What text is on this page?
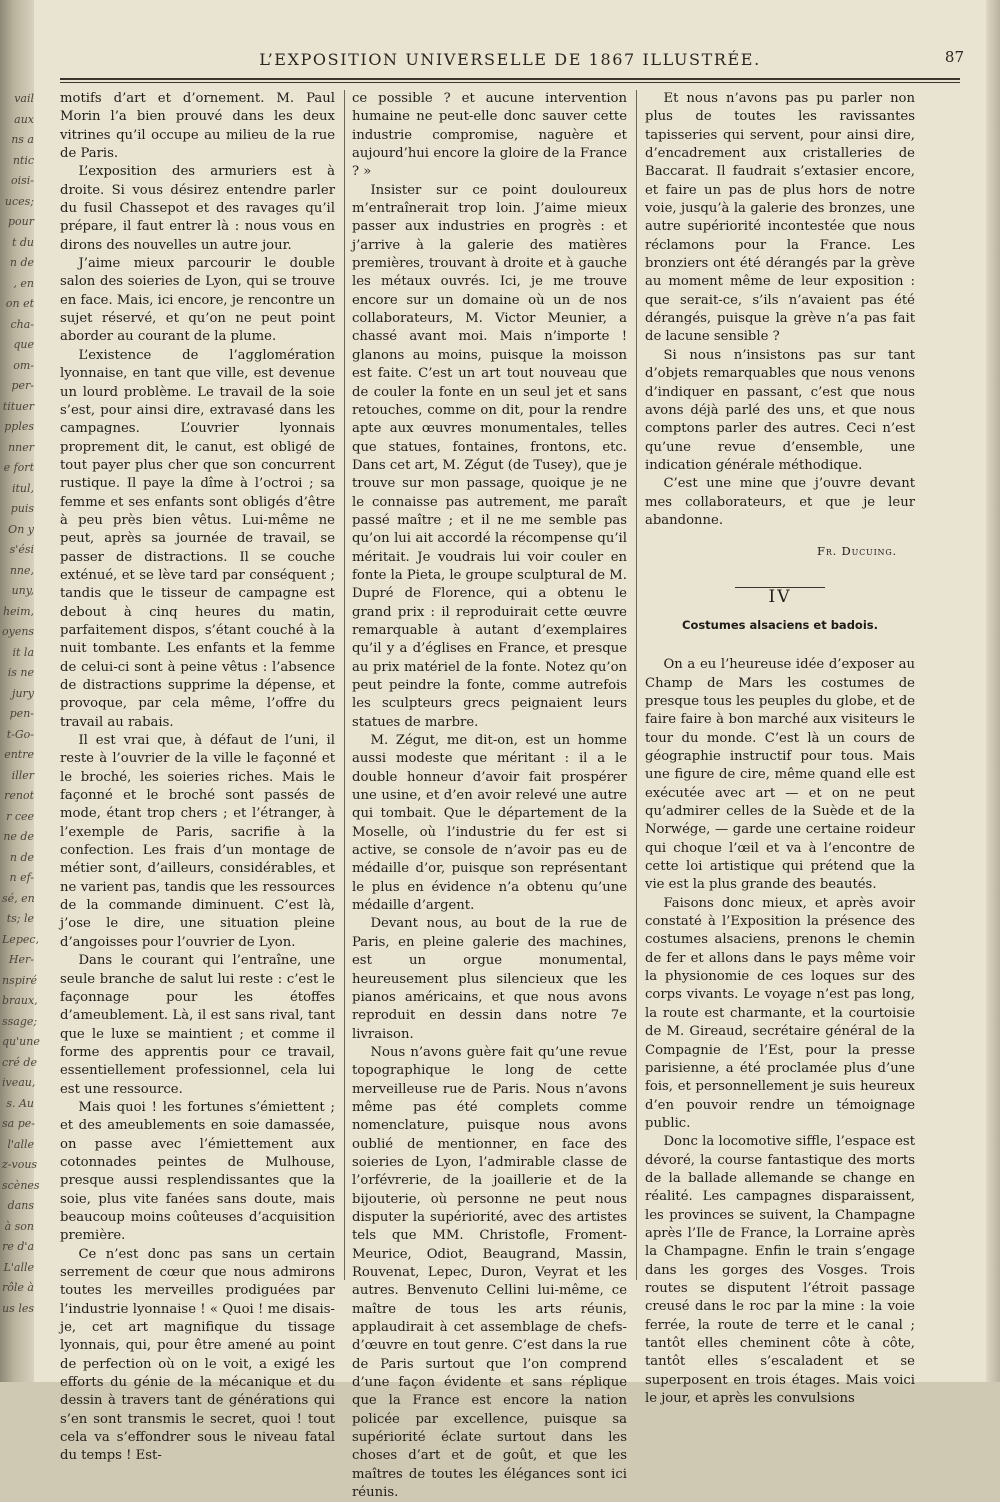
vail
aux
ns a
ntic
oisi-
uces;
pour
t du
n de
, en
on et
cha-
que
om-
per-
tituer
pples
nner
e fort
itul,
puis
On y
s'ési
nne,
uny,
heim,
oyens
it la
is ne
jury
pen-
t-Go-
entre
iller
renot
r cee
ne de
n de
n ef-
sé, en
ts; le
Lepec,
Her-
nspiré
braux,
ssage;
qu'une
cré de
iveau,
s. Au
sa pe-
l'alle
z-vous
scènes
dans
à son
re d'a
L'alle
rôle à
us les
L’EXPOSITION UNIVERSELLE DE 1867 ILLUSTRÉE.	87

motifs d’art et d’ornement. M. Paul Morin l’a bien prouvé dans les deux vitrines qu’il occupe au milieu de la rue de Paris.

L’exposition des armuriers est à droite. Si vous désirez entendre parler du fusil Chassepot et des ravages qu’il prépare, il faut entrer là : nous vous en dirons des nouvelles un autre jour.

J’aime mieux parcourir le double salon des soieries de Lyon, qui se trouve en face. Mais, ici encore, je rencontre un sujet réservé, et qu’on ne peut point aborder au courant de la plume.

L’existence de l’agglomération lyonnaise, en tant que ville, est devenue un lourd problème. Le travail de la soie s’est, pour ainsi dire, extravasé dans les campagnes. L’ouvrier lyonnais proprement dit, le canut, est obligé de tout payer plus cher que son concurrent rustique. Il paye la dîme à l’octroi ; sa femme et ses enfants sont obligés d’être à peu près bien vêtus. Lui-même ne peut, après sa journée de travail, se passer de distractions. Il se couche exténué, et se lève tard par conséquent ; tandis que le tisseur de campagne est debout à cinq heures du matin, parfaitement dispos, s’étant couché à la nuit tombante. Les enfants et la femme de celui-ci sont à peine vêtus : l’absence de distractions supprime la dépense, et provoque, par cela même, l’offre du travail au rabais.

Il est vrai que, à défaut de l’uni, il reste à l’ouvrier de la ville le façonné et le broché, les soieries riches. Mais le façonné et le broché sont passés de mode, étant trop chers ; et l’étranger, à l’exemple de Paris, sacrifie à la confection. Les frais d’un montage de métier sont, d’ailleurs, considérables, et ne varient pas, tandis que les ressources de la commande diminuent. C’est là, j’ose le dire, une situation pleine d’angoisses pour l’ouvrier de Lyon.

Dans le courant qui l’entraîne, une seule branche de salut lui reste : c’est le façonnage pour les étoffes d’ameublement. Là, il est sans rival, tant que le luxe se maintient ; et comme il forme des apprentis pour ce travail, essentiellement professionnel, cela lui est une ressource.

Mais quoi ! les fortunes s’émiettent ; et des ameublements en soie damassée, on passe avec l’émiettement aux cotonnades peintes de Mulhouse, presque aussi resplendissantes que la soie, plus vite fanées sans doute, mais beaucoup moins coûteuses d’acquisition première.

Ce n’est donc pas sans un certain serrement de cœur que nous admirons toutes les merveilles prodiguées par l’industrie lyonnaise ! « Quoi ! me disais-je, cet art magnifique du tissage lyonnais, qui, pour être amené au point de perfection où on le voit, a exigé les efforts du génie de la mécanique et du dessin à travers tant de générations qui s’en sont transmis le secret, quoi ! tout cela va s’effondrer sous le niveau fatal du temps ! Est-

ce possible ? et aucune intervention humaine ne peut-elle donc sauver cette industrie compromise, naguère et aujourd’hui encore la gloire de la France ? »

Insister sur ce point douloureux m’entraînerait trop loin. J’aime mieux passer aux industries en progrès : et j’arrive à la galerie des matières premières, trouvant à droite et à gauche les métaux ouvrés. Ici, je me trouve encore sur un domaine où un de nos collaborateurs, M. Victor Meunier, a chassé avant moi. Mais n’importe ! glanons au moins, puisque la moisson est faite. C’est un art tout nouveau que de couler la fonte en un seul jet et sans retouches, comme on dit, pour la rendre apte aux œuvres monumentales, telles que statues, fontaines, frontons, etc. Dans cet art, M. Zégut (de Tusey), que je trouve sur mon passage, quoique je ne le connaisse pas autrement, me paraît passé maître ; et il ne me semble pas qu’on lui ait accordé la récompense qu’il méritait. Je voudrais lui voir couler en fonte la Pieta, le groupe sculptural de M. Dupré de Florence, qui a obtenu le grand prix : il reproduirait cette œuvre remarquable à autant d’exemplaires qu’il y a d’églises en France, et presque au prix matériel de la fonte. Notez qu’on peut peindre la fonte, comme autrefois les sculpteurs grecs peignaient leurs statues de marbre.

M. Zégut, me dit-on, est un homme aussi modeste que méritant : il a le double honneur d’avoir fait prospérer une usine, et d’en avoir relevé une autre qui tombait. Que le département de la Moselle, où l’industrie du fer est si active, se console de n’avoir pas eu de médaille d’or, puisque son représentant le plus en évidence n’a obtenu qu’une médaille d’argent.

Devant nous, au bout de la rue de Paris, en pleine galerie des machines, est un orgue monumental, heureusement plus silencieux que les pianos américains, et que nous avons reproduit en dessin dans notre 7e livraison.

Nous n’avons guère fait qu’une revue topographique le long de cette merveilleuse rue de Paris. Nous n’avons même pas été complets comme nomenclature, puisque nous avons oublié de mentionner, en face des soieries de Lyon, l’admirable classe de l’orfévrerie, de la joaillerie et de la bijouterie, où personne ne peut nous disputer la supériorité, avec des artistes tels que MM. Christofle, Froment-Meurice, Odiot, Beaugrand, Massin, Rouvenat, Lepec, Duron, Veyrat et les autres. Benvenuto Cellini lui-même, ce maître de tous les arts réunis, applaudirait à cet assemblage de chefs-d’œuvre en tout genre. C’est dans la rue de Paris surtout que l’on comprend d’une façon évidente et sans réplique que la France est encore la nation policée par excellence, puisque sa supériorité éclate surtout dans les choses d’art et de goût, et que les maîtres de toutes les élégances sont ici réunis.

Et nous n’avons pas pu parler non plus de toutes les ravissantes tapisseries qui servent, pour ainsi dire, d’encadrement aux cristalleries de Baccarat. Il faudrait s’extasier encore, et faire un pas de plus hors de notre voie, jusqu’à la galerie des bronzes, une autre supériorité incontestée que nous réclamons pour la France. Les bronziers ont été dérangés par la grève au moment même de leur exposition : que serait-ce, s’ils n’avaient pas été dérangés, puisque la grève n’a pas fait de lacune sensible ?

Si nous n’insistons pas sur tant d’objets remarquables que nous venons d’indiquer en passant, c’est que nous avons déjà parlé des uns, et que nous comptons parler des autres. Ceci n’est qu’une revue d’ensemble, une indication générale méthodique.

C’est une mine que j’ouvre devant mes collaborateurs, et que je leur abandonne.

Fr. Ducuing.

IV

Costumes alsaciens et badois.

On a eu l’heureuse idée d’exposer au Champ de Mars les costumes de presque tous les peuples du globe, et de faire faire à bon marché aux visiteurs le tour du monde. C’est là un cours de géographie instructif pour tous. Mais une figure de cire, même quand elle est exécutée avec art — et on ne peut qu’admirer celles de la Suède et de la Norwége, — garde une certaine roideur qui choque l’œil et va à l’encontre de cette loi artistique qui prétend que la vie est la plus grande des beautés.

Faisons donc mieux, et après avoir constaté à l’Exposition la présence des costumes alsaciens, prenons le chemin de fer et allons dans le pays même voir la physionomie de ces loques sur des corps vivants. Le voyage n’est pas long, la route est charmante, et la courtoisie de M. Gireaud, secrétaire général de la Compagnie de l’Est, pour la presse parisienne, a été proclamée plus d’une fois, et personnellement je suis heureux d’en pouvoir rendre un témoignage public.

Donc la locomotive siffle, l’espace est dévoré, la course fantastique des morts de la ballade allemande se change en réalité. Les campagnes disparaissent, les provinces se suivent, la Champagne après l’Ile de France, la Lorraine après la Champagne. Enfin le train s’engage dans les gorges des Vosges. Trois routes se disputent l’étroit passage creusé dans le roc par la mine : la voie ferrée, la route de terre et le canal ; tantôt elles cheminent côte à côte, tantôt elles s’escaladent et se superposent en trois étages. Mais voici le jour, et après les convulsions
